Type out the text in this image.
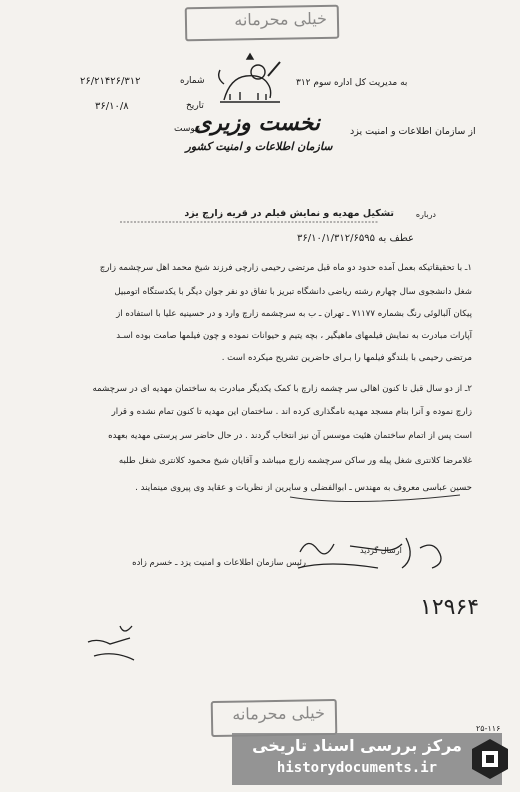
خیلی محرمانه
به مدیریت کل اداره سوم ۳۱۲
از سازمان اطلاعات و امنیت یزد
شماره
۲۶/۲۱۴۲۶/۳۱۲
تاریخ
۳۶/۱۰/۸
پیوست
نخست وزیری
سازمان اطلاعات و امنیت کشور
تشکیل مهدیه و نمایش فیلم در قریه زارچ یزد	درباره
عطف به ۳۶/۱۰/۱/۳۱۲/۶۵۹۵
۱ـ با تحقیقاتیکه بعمل آمده حدود دو ماه قبل مرتضی رحیمی زارچی فرزند شیخ محمد اهل سرچشمه زارچ
شغل دانشجوی سال چهارم رشته ریاضی دانشگاه تبریز با تفاق دو نفر جوان دیگر با یکدستگاه اتومبیل
پیکان آلبالوئی رنگ بشماره ۷۱۱۷۷ ـ تهران ـ ب به سرچشمه زارچ وارد و در حسینیه علیا با استفاده از
آپارات مبادرت به نمایش فیلمهای ماهیگیر ، بچه یتیم و حیوانات نموده و چون فیلمها صامت بوده اسـد
مرتضی رحیمی با بلندگو فیلمها را بـرای حاضرین تشریح میکرده است .
۲ـ از دو سال قبل تا کنون اهالی سر چشمه زارچ با کمک یکدیگر مبادرت به ساختمان مهدیه ای در سرچشمه
زارچ نموده و آنرا بنام مسجد مهدیه نامگذاری کرده اند . ساختمان این مهدیه تا کنون تمام نشده و قرار
است پس از اتمام ساختمان هئیت موسس آن نیز انتخاب گردند . در حال حاضر سر پرستی مهدیه بعهده
غلامرضا کلانتری شغل پیله ور ساکن سرچشمه زارچ میباشد و آقایان شیخ محمود کلانتری شغل طلبه
حسین عباسی معروف به مهندس ـ ابوالفضلی و سایرین از نظریات و عقاید وی پیروی مینمایند .
رئیس سازمان اطلاعات و امنیت یزد ـ خسرم زاده
ارسال گردید
۱۲۹۶۴
خیلی محرمانه
۲۵-۱۱۶
مرکز بررسی اسناد تاریخی
historydocuments.ir
